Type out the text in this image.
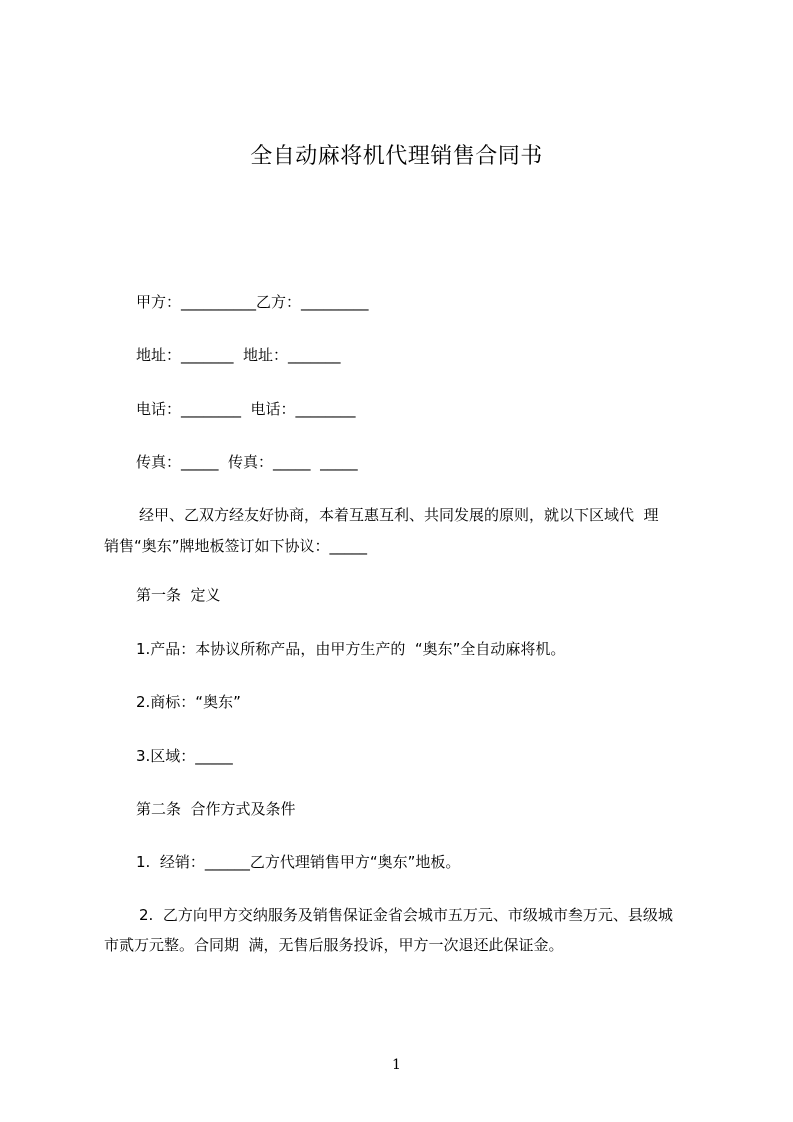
全自动麻将机代理销售合同书
甲方：__________乙方：_________
地址：_______  地址：_______
电话：________  电话：________
传真：_____  传真：_____  _____
经甲、乙双方经友好协商，本着互惠互利、共同发展的原则，就以下区域代  理
销售“奥东”牌地板签订如下协议：_____
第一条  定义
1.产品：本协议所称产品，由甲方生产的  “奥东”全自动麻将机。
2.商标：“奥东”
3.区域：_____
第二条  合作方式及条件
1.  经销：______乙方代理销售甲方“奥东”地板。
2.  乙方向甲方交纳服务及销售保证金省会城市五万元、市级城市叁万元、县级城
市贰万元整。合同期  满，无售后服务投诉，甲方一次退还此保证金。
1
